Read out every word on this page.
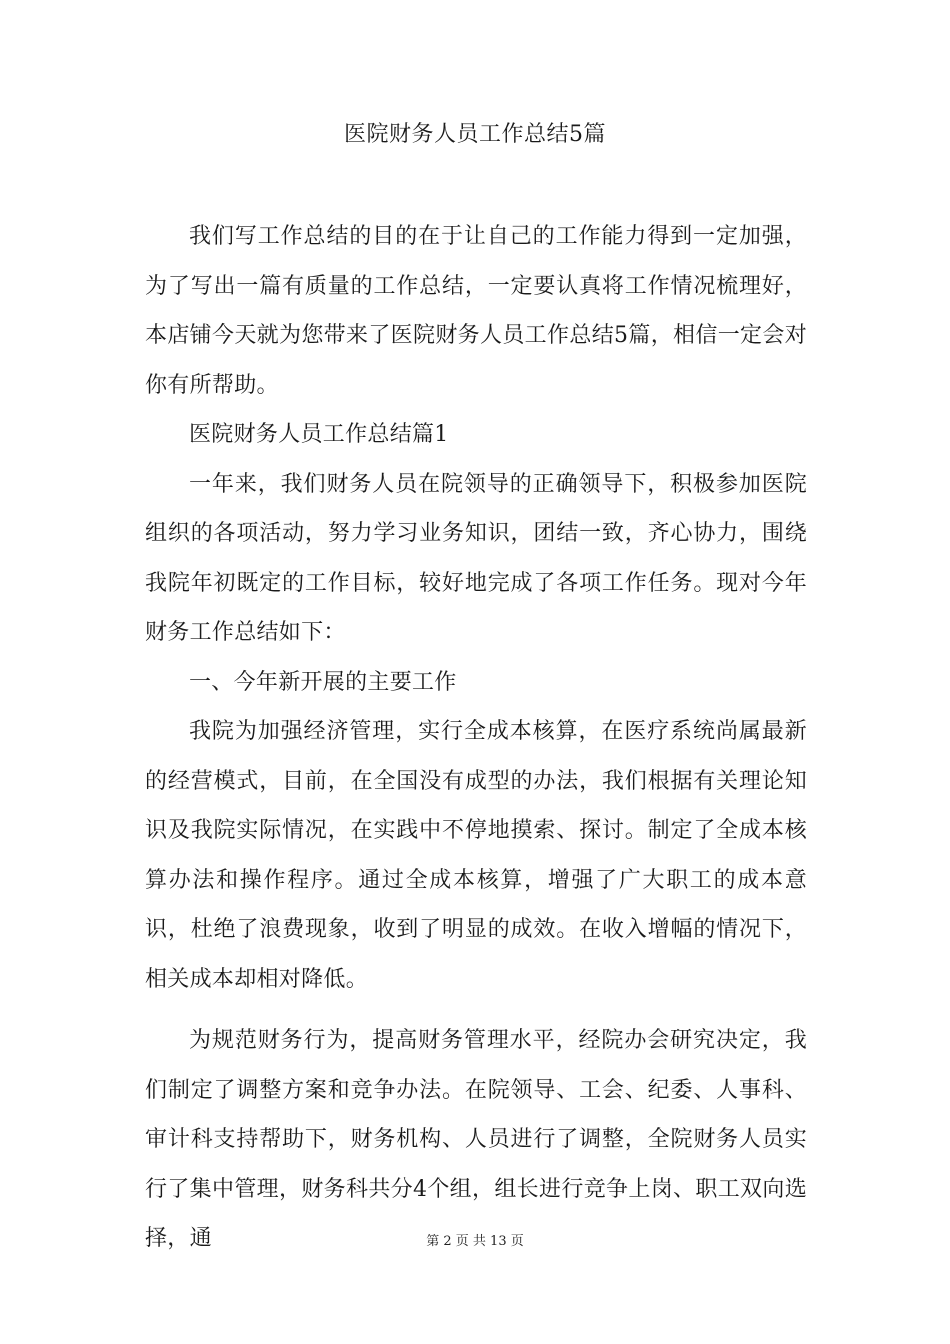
医院财务人员工作总结5篇

我们写工作总结的目的在于让自己的工作能力得到一定加强，为了写出一篇有质量的工作总结，一定要认真将工作情况梳理好，本店铺今天就为您带来了医院财务人员工作总结5篇，相信一定会对你有所帮助。

医院财务人员工作总结篇1

一年来，我们财务人员在院领导的正确领导下，积极参加医院组织的各项活动，努力学习业务知识，团结一致，齐心协力，围绕我院年初既定的工作目标，较好地完成了各项工作任务。现对今年财务工作总结如下：

一、今年新开展的主要工作

我院为加强经济管理，实行全成本核算，在医疗系统尚属最新的经营模式，目前，在全国没有成型的办法，我们根据有关理论知识及我院实际情况，在实践中不停地摸索、探讨。制定了全成本核算办法和操作程序。通过全成本核算，增强了广大职工的成本意识，杜绝了浪费现象，收到了明显的成效。在收入增幅的情况下，相关成本却相对降低。

为规范财务行为，提高财务管理水平，经院办会研究决定，我们制定了调整方案和竞争办法。在院领导、工会、纪委、人事科、审计科支持帮助下，财务机构、人员进行了调整，全院财务人员实行了集中管理，财务科共分4个组，组长进行竞争上岗、职工双向选择，通	第 2 页 共 13 页
